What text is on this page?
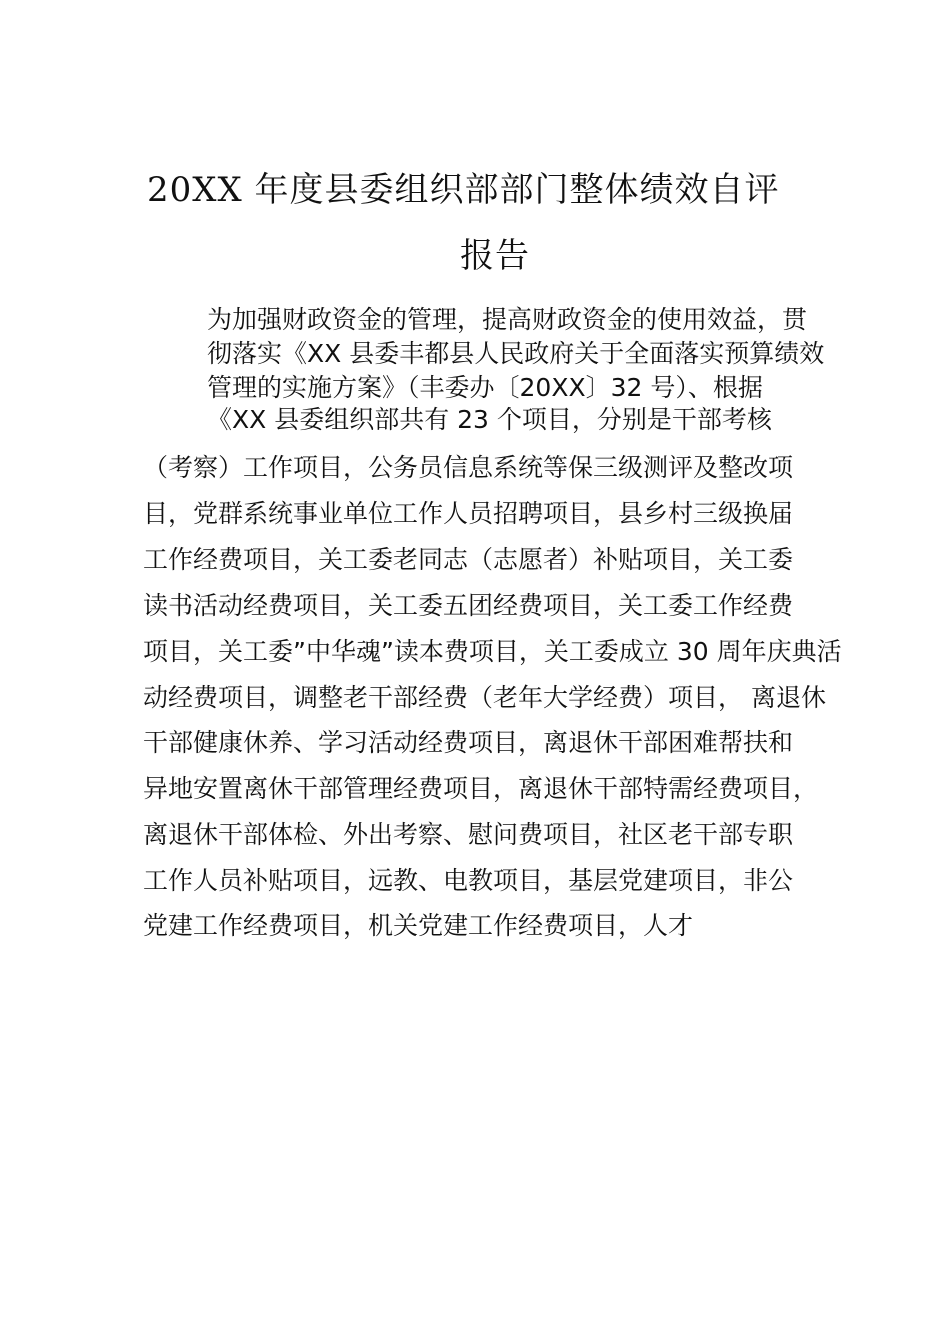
20XX 年度县委组织部部门整体绩效自评
报告
为加强财政资金的管理，提高财政资金的使用效益，贯
彻落实《XX 县委丰都县人民政府关于全面落实预算绩效
管理的实施方案》（丰委办〔20XX〕32 号）、根据
《XX 县委组织部共有 23 个项目，分别是干部考核
（考察）工作项目，公务员信息系统等保三级测评及整改项
目，党群系统事业单位工作人员招聘项目，县乡村三级换届
工作经费项目，关工委老同志（志愿者）补贴项目，关工委
读书活动经费项目，关工委五团经费项目，关工委工作经费
项目，关工委”中华魂”读本费项目，关工委成立 30 周年庆典活
动经费项目，调整老干部经费（老年大学经费）项目， 离退休
干部健康休养、学习活动经费项目，离退休干部困难帮扶和
异地安置离休干部管理经费项目，离退休干部特需经费项目，
离退休干部体检、外出考察、慰问费项目，社区老干部专职
工作人员补贴项目，远教、电教项目，基层党建项目，非公
党建工作经费项目，机关党建工作经费项目，人才
